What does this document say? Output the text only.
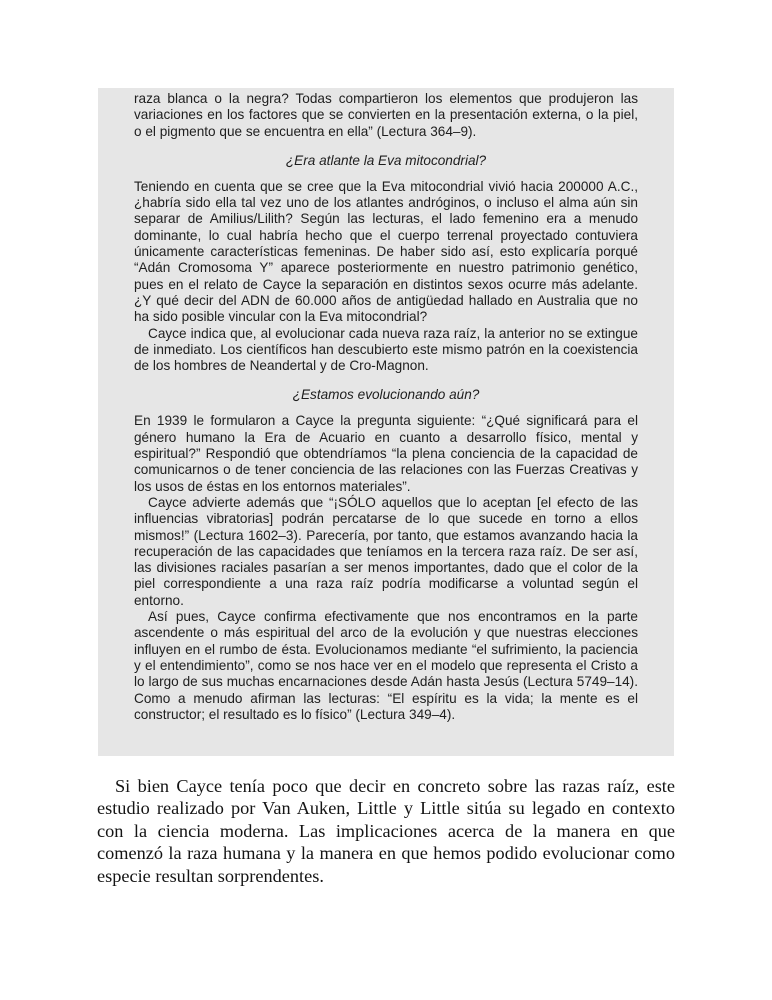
raza blanca o la negra? Todas compartieron los elementos que produjeron las variaciones en los factores que se convierten en la presentación externa, o la piel, o el pigmento que se encuentra en ella” (Lectura 364–9).

¿Era atlante la Eva mitocondrial?

Teniendo en cuenta que se cree que la Eva mitocondrial vivió hacia 200000 A.C., ¿habría sido ella tal vez uno de los atlantes andróginos, o incluso el alma aún sin separar de Amilius/Lilith? Según las lecturas, el lado femenino era a menudo dominante, lo cual habría hecho que el cuerpo terrenal proyectado contuviera únicamente características femeninas. De haber sido así, esto explicaría porqué “Adán Cromosoma Y” aparece posteriormente en nuestro patrimonio genético, pues en el relato de Cayce la separación en distintos sexos ocurre más adelante. ¿Y qué decir del ADN de 60.000 años de antigüedad hallado en Australia que no ha sido posible vincular con la Eva mitocondrial?

Cayce indica que, al evolucionar cada nueva raza raíz, la anterior no se extingue de inmediato. Los científicos han descubierto este mismo patrón en la coexistencia de los hombres de Neandertal y de Cro-Magnon.

¿Estamos evolucionando aún?

En 1939 le formularon a Cayce la pregunta siguiente: “¿Qué significará para el género humano la Era de Acuario en cuanto a desarrollo físico, mental y espiritual?” Respondió que obtendríamos “la plena conciencia de la capacidad de comunicarnos o de tener conciencia de las relaciones con las Fuerzas Creativas y los usos de éstas en los entornos materiales”.

Cayce advierte además que “¡SÓLO aquellos que lo aceptan [el efecto de las influencias vibratorias] podrán percatarse de lo que sucede en torno a ellos mismos!” (Lectura 1602–3). Parecería, por tanto, que estamos avanzando hacia la recuperación de las capacidades que teníamos en la tercera raza raíz. De ser así, las divisiones raciales pasarían a ser menos importantes, dado que el color de la piel correspondiente a una raza raíz podría modificarse a voluntad según el entorno.

Así pues, Cayce confirma efectivamente que nos encontramos en la parte ascendente o más espiritual del arco de la evolución y que nuestras elecciones influyen en el rumbo de ésta. Evolucionamos mediante “el sufrimiento, la paciencia y el entendimiento”, como se nos hace ver en el modelo que representa el Cristo a lo largo de sus muchas encarnaciones desde Adán hasta Jesús (Lectura 5749–14). Como a menudo afirman las lecturas: “El espíritu es la vida; la mente es el constructor; el resultado es lo físico” (Lectura 349–4).

Si bien Cayce tenía poco que decir en concreto sobre las razas raíz, este estudio realizado por Van Auken, Little y Little sitúa su legado en contexto con la ciencia moderna. Las implicaciones acerca de la manera en que comenzó la raza humana y la manera en que hemos podido evolucionar como especie resultan sorprendentes.
